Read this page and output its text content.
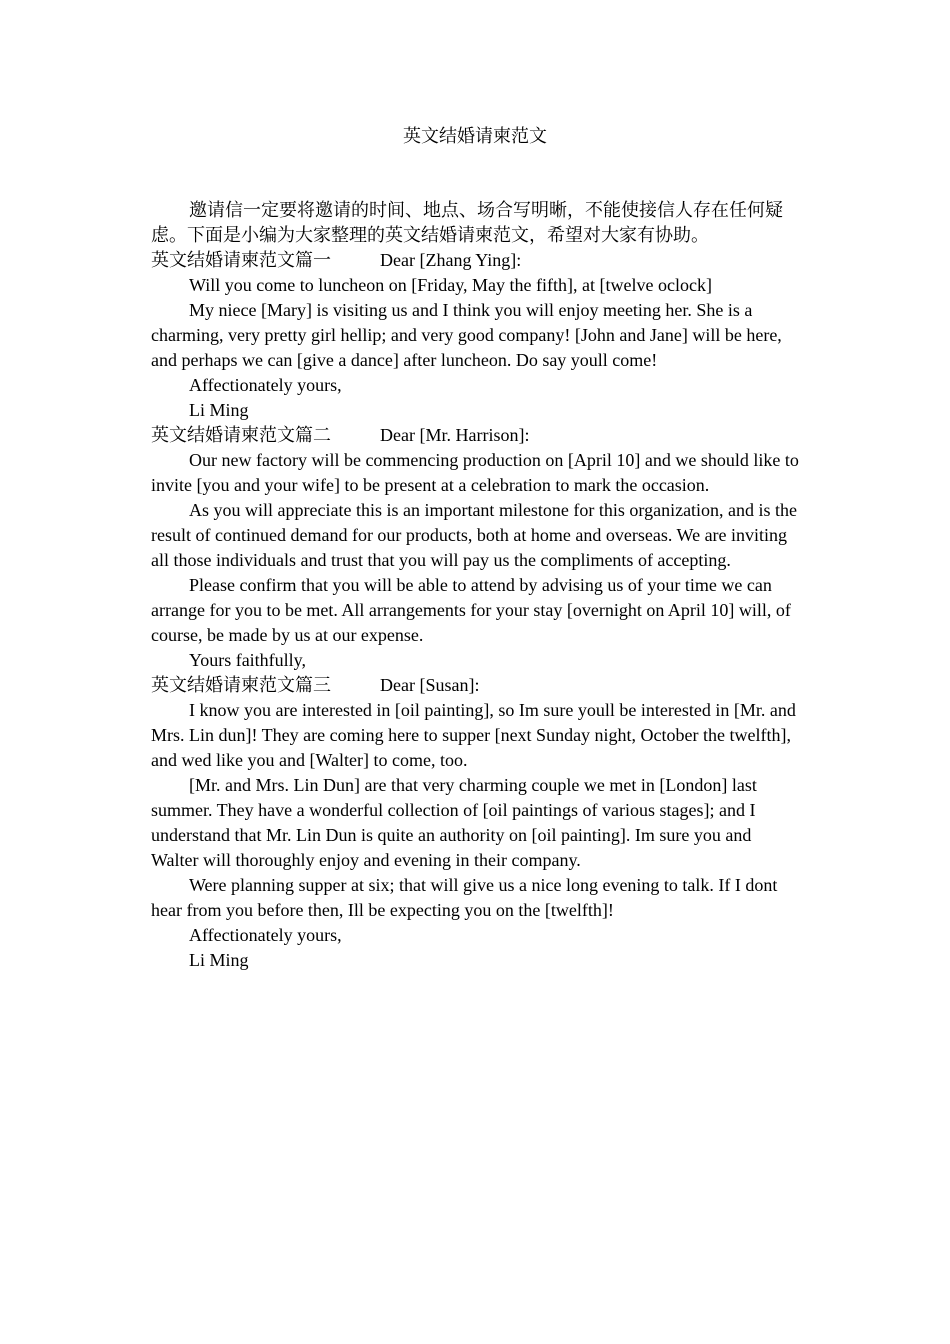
英文结婚请柬范文

邀请信一定要将邀请的时间、地点、场合写明晰，不能使接信人存在任何疑虑。下面是小编为大家整理的英文结婚请柬范文，希望对大家有协助。

英文结婚请柬范文篇一	Dear [Zhang Ying]:

Will you come to luncheon on [Friday, May the fifth], at [twelve oclock]

My niece [Mary] is visiting us and I think you will enjoy meeting her. She is a charming, very pretty girl hellip; and very good company! [John and Jane] will be here, and perhaps we can [give a dance] after luncheon. Do say youll come!

Affectionately yours,

Li Ming

英文结婚请柬范文篇二	Dear [Mr. Harrison]:

Our new factory will be commencing production on [April 10] and we should like to invite [you and your wife] to be present at a celebration to mark the occasion.

As you will appreciate this is an important milestone for this organization, and is the result of continued demand for our products, both at home and overseas. We are inviting all those individuals and trust that you will pay us the compliments of accepting.

Please confirm that you will be able to attend by advising us of your time we can arrange for you to be met. All arrangements for your stay [overnight on April 10] will, of course, be made by us at our expense.

Yours faithfully,

英文结婚请柬范文篇三	Dear [Susan]:

I know you are interested in [oil painting], so Im sure youll be interested in [Mr. and Mrs. Lin dun]! They are coming here to supper [next Sunday night, October the twelfth], and wed like you and [Walter] to come, too.

[Mr. and Mrs. Lin Dun] are that very charming couple we met in [London] last summer. They have a wonderful collection of [oil paintings of various stages]; and I understand that Mr. Lin Dun is quite an authority on [oil painting]. Im sure you and Walter will thoroughly enjoy and evening in their company.

Were planning supper at six; that will give us a nice long evening to talk. If I dont hear from you before then, Ill be expecting you on the [twelfth]!

Affectionately yours,

Li Ming
